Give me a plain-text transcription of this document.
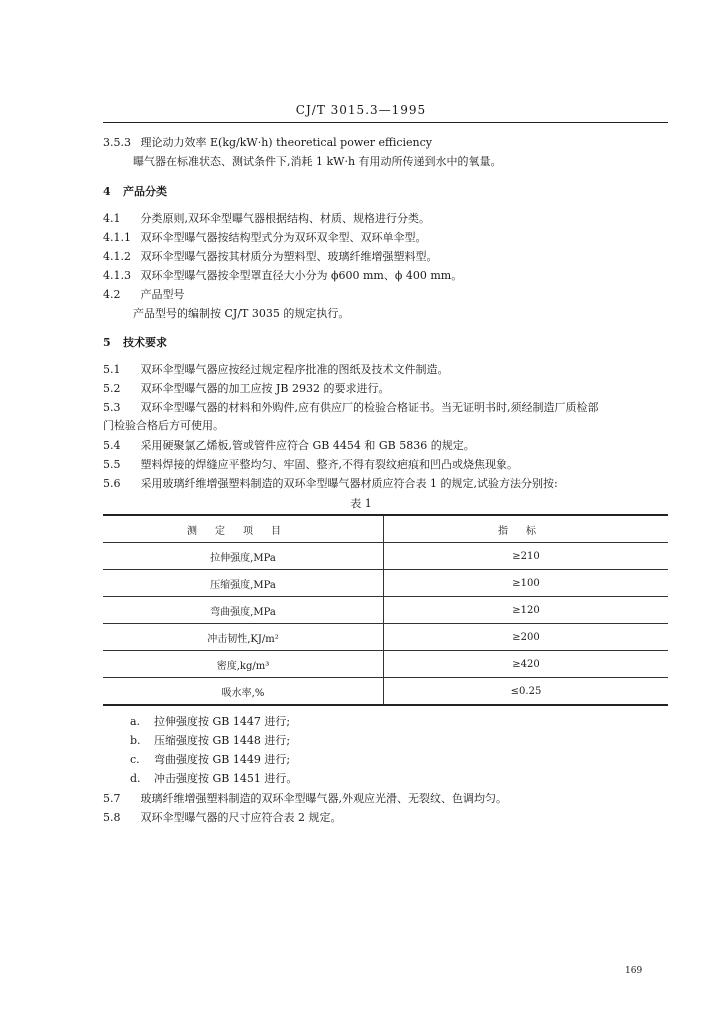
CJ/T 3015.3—1995
3.5.3 理论动力效率 E(kg/kW·h) theoretical power efficiency
曝气器在标准状态、测试条件下,消耗 1 kW·h 有用动所传递到水中的氧量。
4 产品分类
4.1 分类原则,双环伞型曝气器根据结构、材质、规格进行分类。
4.1.1 双环伞型曝气器按结构型式分为双环双伞型、双环单伞型。
4.1.2 双环伞型曝气器按其材质分为塑料型、玻璃纤维增强塑料型。
4.1.3 双环伞型曝气器按伞型罩直径大小分为 ϕ600 mm、ϕ 400 mm。
4.2 产品型号
产品型号的编制按 CJ/T 3035 的规定执行。
5 技术要求
5.1 双环伞型曝气器应按经过规定程序批准的图纸及技术文件制造。
5.2 双环伞型曝气器的加工应按 JB 2932 的要求进行。
5.3 双环伞型曝气器的材料和外购件,应有供应厂的检验合格证书。当无证明书时,须经制造厂质检部
门检验合格后方可使用。
5.4 采用硬聚氯乙烯板,管或管件应符合 GB 4454 和 GB 5836 的规定。
5.5 塑料焊接的焊缝应平整均匀、牢固、整齐,不得有裂纹疤痕和凹凸或烧焦现象。
5.6 采用玻璃纤维增强塑料制造的双环伞型曝气器材质应符合表 1 的规定,试验方法分别按:
表 1
测定项目	指标
拉伸强度,MPa	≥210
压缩强度,MPa	≥100
弯曲强度,MPa	≥120
冲击韧性,KJ/m²	≥200
密度,kg/m³	≥420
吸水率,%	≤0.25
a. 拉伸强度按 GB 1447 进行;
b. 压缩强度按 GB 1448 进行;
c. 弯曲强度按 GB 1449 进行;
d. 冲击强度按 GB 1451 进行。
5.7 玻璃纤维增强塑料制造的双环伞型曝气器,外观应光滑、无裂纹、色调均匀。
5.8 双环伞型曝气器的尺寸应符合表 2 规定。
169
